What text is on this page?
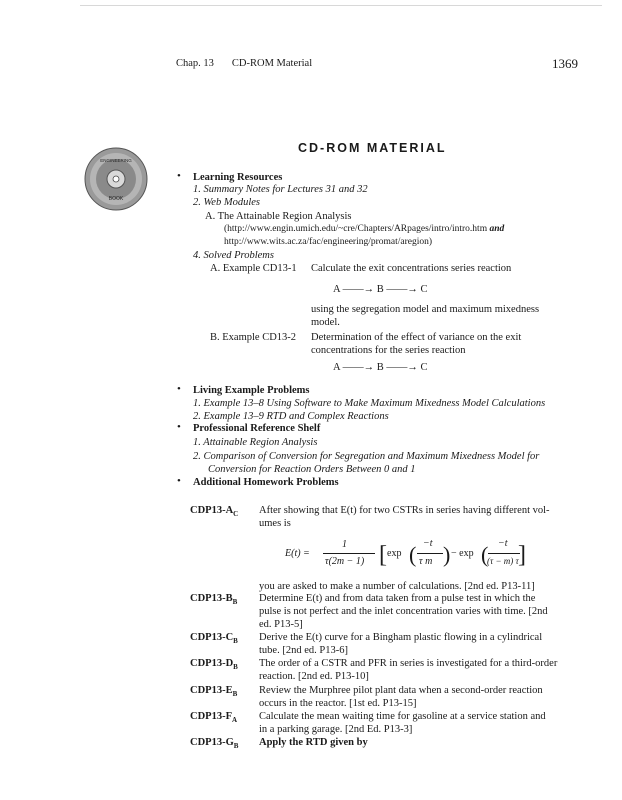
Chap. 13 CD-ROM Material	1369
CD-ROM MATERIAL
ENGINEERING
BOOK
• Learning Resources
1. Summary Notes for Lectures 31 and 32
2. Web Modules
A. The Attainable Region Analysis
(http://www.engin.umich.edu/~cre/Chapters/ARpages/intro/intro.htm and
http://www.wits.ac.za/fac/engineering/promat/aregion)
4. Solved Problems
A. Example CD13-1 Calculate the exit concentrations series reaction
A ——→ B ——→ C
using the segregation model and maximum mixedness
model.
B. Example CD13-2 Determination of the effect of variance on the exit
concentrations for the series reaction
A ——→ B ——→ C
• Living Example Problems
1. Example 13–8 Using Software to Make Maximum Mixedness Model Calculations
2. Example 13–9 RTD and Complex Reactions
• Professional Reference Shelf
1. Attainable Region Analysis
2. Comparison of Conversion for Segregation and Maximum Mixedness Model for
Conversion for Reaction Orders Between 0 and 1
• Additional Homework Problems
$CDP13-A_C$ After showing that E(t) for two CSTRs in series having different vol-
umes is
E(t) =
1
τ(2m − 1) [ exp ( −t
τ m ) − exp ( −t
(τ − m) τ ]
you are asked to make a number of calculations. [2nd ed. P13-11]
$CDP13-B_B$ Determine E(t) and from data taken from a pulse test in which the
pulse is not perfect and the inlet concentration varies with time. [2nd
ed. P13-5]
$CDP13-C_B$ Derive the E(t) curve for a Bingham plastic flowing in a cylindrical
tube. [2nd ed. P13-6]
$CDP13-D_B$ The order of a CSTR and PFR in series is investigated for a third-order
reaction. [2nd ed. P13-10]
$CDP13-E_B$ Review the Murphree pilot plant data when a second-order reaction
occurs in the reactor. [1st ed. P13-15]
$CDP13-F_A$ Calculate the mean waiting time for gasoline at a service station and
in a parking garage. [2nd Ed. P13-3]
$CDP13-G_B$ Apply the RTD given by
